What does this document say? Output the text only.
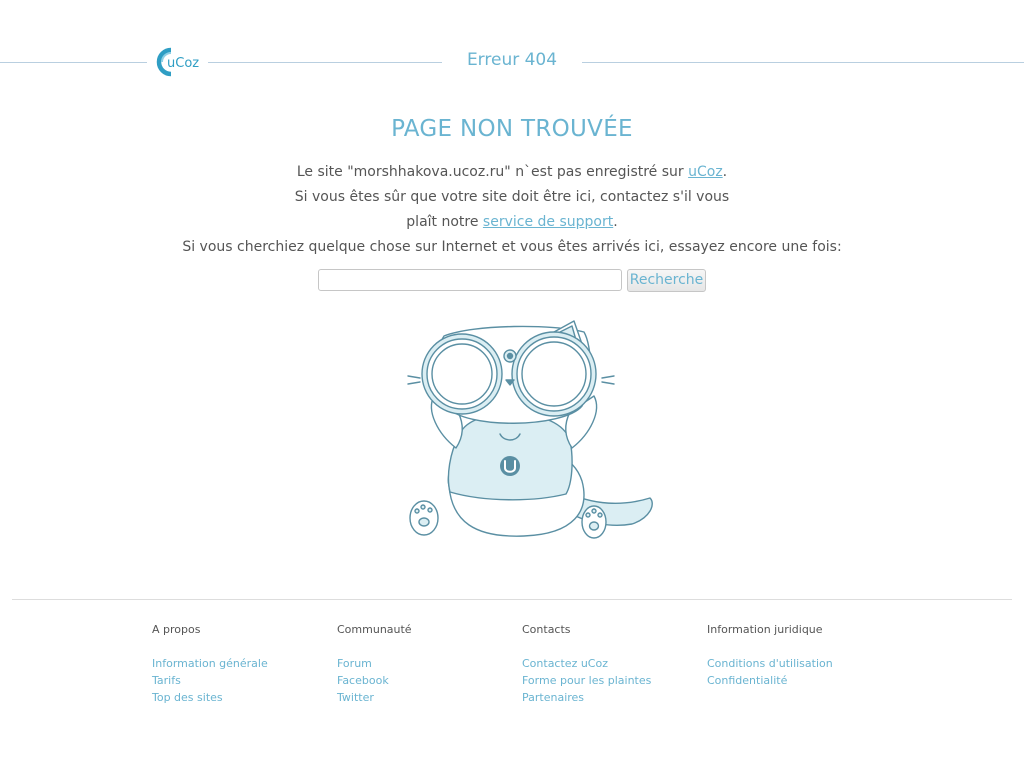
uCoz	Erreur 404
PAGE NON TROUVÉE
Le site "morshhakova.ucoz.ru" n`est pas enregistré sur uCoz.
Si vous êtes sûr que votre site doit être ici, contactez s'il vous
plaît notre service de support.
Si vous cherchiez quelque chose sur Internet et vous êtes arrivés ici, essayez encore une fois:
Recherche
A propos
Information générale
Tarifs
Top des sites
Communauté
Forum
Facebook
Twitter
Contacts
Contactez uCoz
Forme pour les plaintes
Partenaires
Information juridique
Conditions d'utilisation
Confidentialité
